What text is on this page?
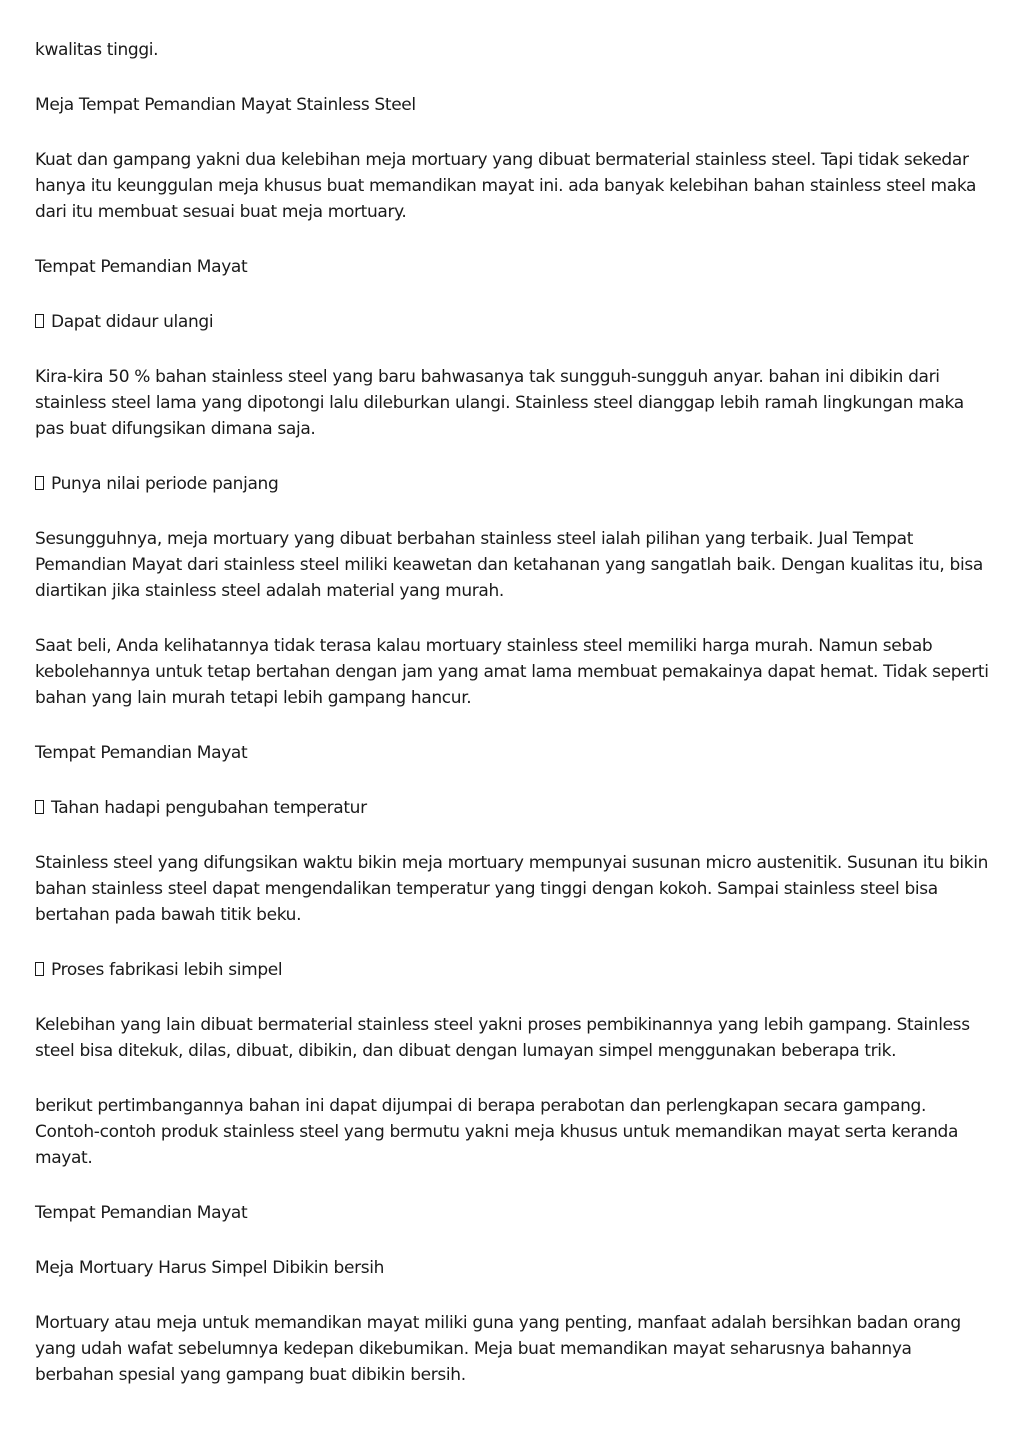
kwalitas tinggi.

Meja Tempat Pemandian Mayat Stainless Steel

Kuat dan gampang yakni dua kelebihan meja mortuary yang dibuat bermaterial stainless steel. Tapi tidak sekedar hanya itu keunggulan meja khusus buat memandikan mayat ini. ada banyak kelebihan bahan stainless steel maka dari itu membuat sesuai buat meja mortuary.

Tempat Pemandian Mayat

Dapat didaur ulangi

Kira-kira 50 % bahan stainless steel yang baru bahwasanya tak sungguh-sungguh anyar. bahan ini dibikin dari stainless steel lama yang dipotongi lalu dileburkan ulangi. Stainless steel dianggap lebih ramah lingkungan maka pas buat difungsikan dimana saja.

Punya nilai periode panjang

Sesungguhnya, meja mortuary yang dibuat berbahan stainless steel ialah pilihan yang terbaik. Jual Tempat Pemandian Mayat dari stainless steel miliki keawetan dan ketahanan yang sangatlah baik. Dengan kualitas itu, bisa diartikan jika stainless steel adalah material yang murah.

Saat beli, Anda kelihatannya tidak terasa kalau mortuary stainless steel memiliki harga murah. Namun sebab kebolehannya untuk tetap bertahan dengan jam yang amat lama membuat pemakainya dapat hemat. Tidak seperti bahan yang lain murah tetapi lebih gampang hancur.

Tempat Pemandian Mayat

Tahan hadapi pengubahan temperatur

Stainless steel yang difungsikan waktu bikin meja mortuary mempunyai susunan micro austenitik. Susunan itu bikin bahan stainless steel dapat mengendalikan temperatur yang tinggi dengan kokoh. Sampai stainless steel bisa bertahan pada bawah titik beku.

Proses fabrikasi lebih simpel

Kelebihan yang lain dibuat bermaterial stainless steel yakni proses pembikinannya yang lebih gampang. Stainless steel bisa ditekuk, dilas, dibuat, dibikin, dan dibuat dengan lumayan simpel menggunakan beberapa trik.

berikut pertimbangannya bahan ini dapat dijumpai di berapa perabotan dan perlengkapan secara gampang. Contoh-contoh produk stainless steel yang bermutu yakni meja khusus untuk memandikan mayat serta keranda mayat.

Tempat Pemandian Mayat

Meja Mortuary Harus Simpel Dibikin bersih

Mortuary atau meja untuk memandikan mayat miliki guna yang penting, manfaat adalah bersihkan badan orang yang udah wafat sebelumnya kedepan dikebumikan. Meja buat memandikan mayat seharusnya bahannya berbahan spesial yang gampang buat dibikin bersih.
